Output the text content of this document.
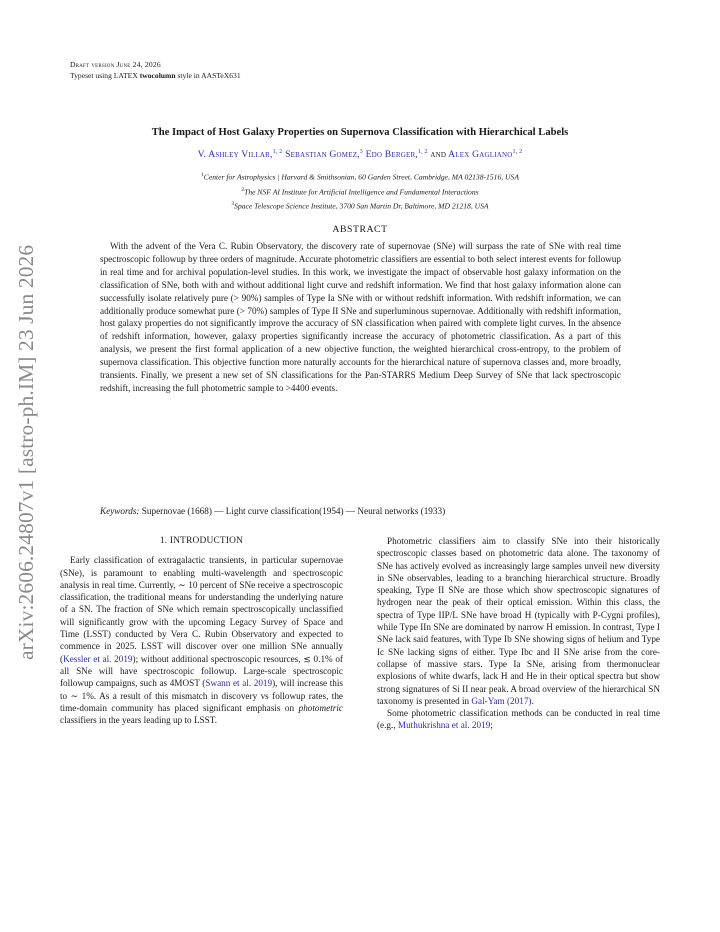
arXiv:2606.24807v1 [astro-ph.IM] 23 Jun 2026
Draft version June 24, 2026
Typeset using LATEX twocolumn style in AASTeX631
The Impact of Host Galaxy Properties on Supernova Classification with Hierarchical Labels
V. Ashley Villar,$^{1, 2}$ Sebastian Gomez,$^3$ Edo Berger,$^{1, 2}$ and Alex Gagliano$^{1, 2}$
$^1$Center for Astrophysics | Harvard & Smithsonian, 60 Garden Street, Cambridge, MA 02138-1516, USA
$^2$The NSF AI Institute for Artificial Intelligence and Fundamental Interactions
$^3$Space Telescope Science Institute, 3700 San Martin Dr, Baltimore, MD 21218, USA
ABSTRACT
With the advent of the Vera C. Rubin Observatory, the discovery rate of supernovae (SNe) will surpass the rate of SNe with real time spectroscopic followup by three orders of magnitude. Accurate photometric classifiers are essential to both select interest events for followup in real time and for archival population-level studies. In this work, we investigate the impact of observable host galaxy information on the classification of SNe, both with and without additional light curve and redshift information. We find that host galaxy information alone can successfully isolate relatively pure (> 90%) samples of Type Ia SNe with or without redshift information. With redshift information, we can additionally produce somewhat pure (> 70%) samples of Type II SNe and superluminous supernovae. Additionally with redshift information, host galaxy properties do not significantly improve the accuracy of SN classification when paired with complete light curves. In the absence of redshift information, however, galaxy properties significantly increase the accuracy of photometric classification. As a part of this analysis, we present the first formal application of a new objective function, the weighted hierarchical cross-entropy, to the problem of supernova classification. This objective function more naturally accounts for the hierarchical nature of supernova classes and, more broadly, transients. Finally, we present a new set of SN classifications for the Pan-STARRS Medium Deep Survey of SNe that lack spectroscopic redshift, increasing the full photometric sample to >4400 events.
Keywords: Supernovae (1668) — Light curve classification(1954) — Neural networks (1933)
1. INTRODUCTION

Early classification of extragalactic transients, in particular supernovae (SNe), is paramount to enabling multi-wavelength and spectroscopic analysis in real time. Currently, ∼ 10 percent of SNe receive a spectroscopic classification, the traditional means for understanding the underlying nature of a SN. The fraction of SNe which remain spectroscopically unclassified will significantly grow with the upcoming Legacy Survey of Space and Time (LSST) conducted by Vera C. Rubin Observatory and expected to commence in 2025. LSST will discover over one million SNe annually (Kessler et al. 2019); without additional spectroscopic resources, ≲ 0.1% of all SNe will have spectroscopic followup. Large-scale spectroscopic followup campaigns, such as 4MOST (Swann et al. 2019), will increase this to ∼ 1%. As a result of this mismatch in discovery vs followup rates, the time-domain community has placed significant emphasis on photometric classifiers in the years leading up to LSST.

Photometric classifiers aim to classify SNe into their historically spectroscopic classes based on photometric data alone. The taxonomy of SNe has actively evolved as increasingly large samples unveil new diversity in SNe observables, leading to a branching hierarchical structure. Broadly speaking, Type II SNe are those which show spectroscopic signatures of hydrogen near the peak of their optical emission. Within this class, the spectra of Type IIP/L SNe have broad H (typically with P-Cygni profiles), while Type IIn SNe are dominated by narrow H emission. In contrast, Type I SNe lack said features, with Type Ib SNe showing signs of helium and Type Ic SNe lacking signs of either. Type Ibc and II SNe arise from the core-collapse of massive stars. Type Ia SNe, arising from thermonuclear explosions of white dwarfs, lack H and He in their optical spectra but show strong signatures of Si II near peak. A broad overview of the hierarchical SN taxonomy is presented in Gal-Yam (2017).

Some photometric classification methods can be conducted in real time (e.g., Muthukrishna et al. 2019;
